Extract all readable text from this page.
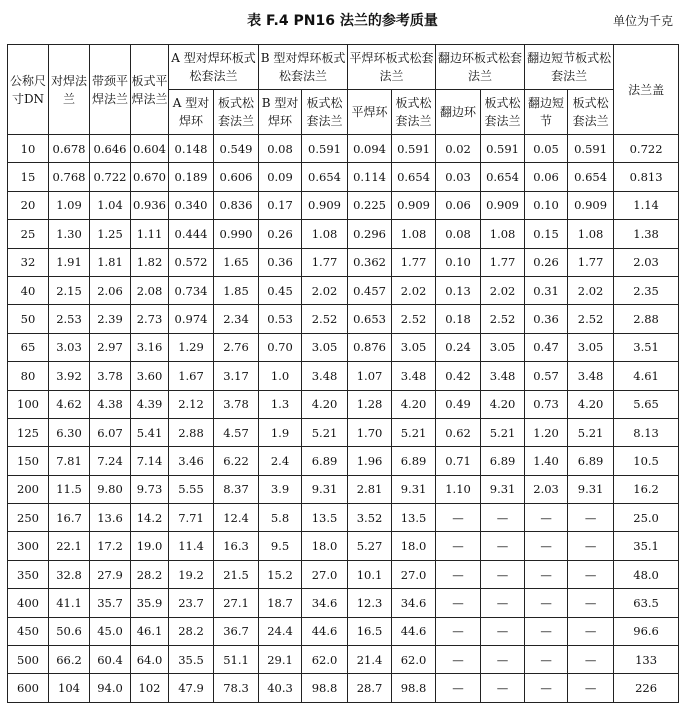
表 F.4 PN16 法兰的参考质量	单位为千克
公称尺寸DN	对焊法兰	带颈平焊法兰	板式平焊法兰	A 型对焊环板式松套法兰		B 型对焊环板式松套法兰		平焊环板式松套法兰		翻边环板式松套法兰		翻边短节板式松套法兰		法兰盖
				A 型对焊环	板式松套法兰	B 型对焊环	板式松套法兰	平焊环	板式松套法兰	翻边环	板式松套法兰	翻边短节	板式松套法兰	
10	0.678	0.646	0.604	0.148	0.549	0.08	0.591	0.094	0.591	0.02	0.591	0.05	0.591	0.722
15	0.768	0.722	0.670	0.189	0.606	0.09	0.654	0.114	0.654	0.03	0.654	0.06	0.654	0.813
20	1.09	1.04	0.936	0.340	0.836	0.17	0.909	0.225	0.909	0.06	0.909	0.10	0.909	1.14
25	1.30	1.25	1.11	0.444	0.990	0.26	1.08	0.296	1.08	0.08	1.08	0.15	1.08	1.38
32	1.91	1.81	1.82	0.572	1.65	0.36	1.77	0.362	1.77	0.10	1.77	0.26	1.77	2.03
40	2.15	2.06	2.08	0.734	1.85	0.45	2.02	0.457	2.02	0.13	2.02	0.31	2.02	2.35
50	2.53	2.39	2.73	0.974	2.34	0.53	2.52	0.653	2.52	0.18	2.52	0.36	2.52	2.88
65	3.03	2.97	3.16	1.29	2.76	0.70	3.05	0.876	3.05	0.24	3.05	0.47	3.05	3.51
80	3.92	3.78	3.60	1.67	3.17	1.0	3.48	1.07	3.48	0.42	3.48	0.57	3.48	4.61
100	4.62	4.38	4.39	2.12	3.78	1.3	4.20	1.28	4.20	0.49	4.20	0.73	4.20	5.65
125	6.30	6.07	5.41	2.88	4.57	1.9	5.21	1.70	5.21	0.62	5.21	1.20	5.21	8.13
150	7.81	7.24	7.14	3.46	6.22	2.4	6.89	1.96	6.89	0.71	6.89	1.40	6.89	10.5
200	11.5	9.80	9.73	5.55	8.37	3.9	9.31	2.81	9.31	1.10	9.31	2.03	9.31	16.2
250	16.7	13.6	14.2	7.71	12.4	5.8	13.5	3.52	13.5	—	—	—	—	25.0
300	22.1	17.2	19.0	11.4	16.3	9.5	18.0	5.27	18.0	—	—	—	—	35.1
350	32.8	27.9	28.2	19.2	21.5	15.2	27.0	10.1	27.0	—	—	—	—	48.0
400	41.1	35.7	35.9	23.7	27.1	18.7	34.6	12.3	34.6	—	—	—	—	63.5
450	50.6	45.0	46.1	28.2	36.7	24.4	44.6	16.5	44.6	—	—	—	—	96.6
500	66.2	60.4	64.0	35.5	51.1	29.1	62.0	21.4	62.0	—	—	—	—	133
600	104	94.0	102	47.9	78.3	40.3	98.8	28.7	98.8	—	—	—	—	226
